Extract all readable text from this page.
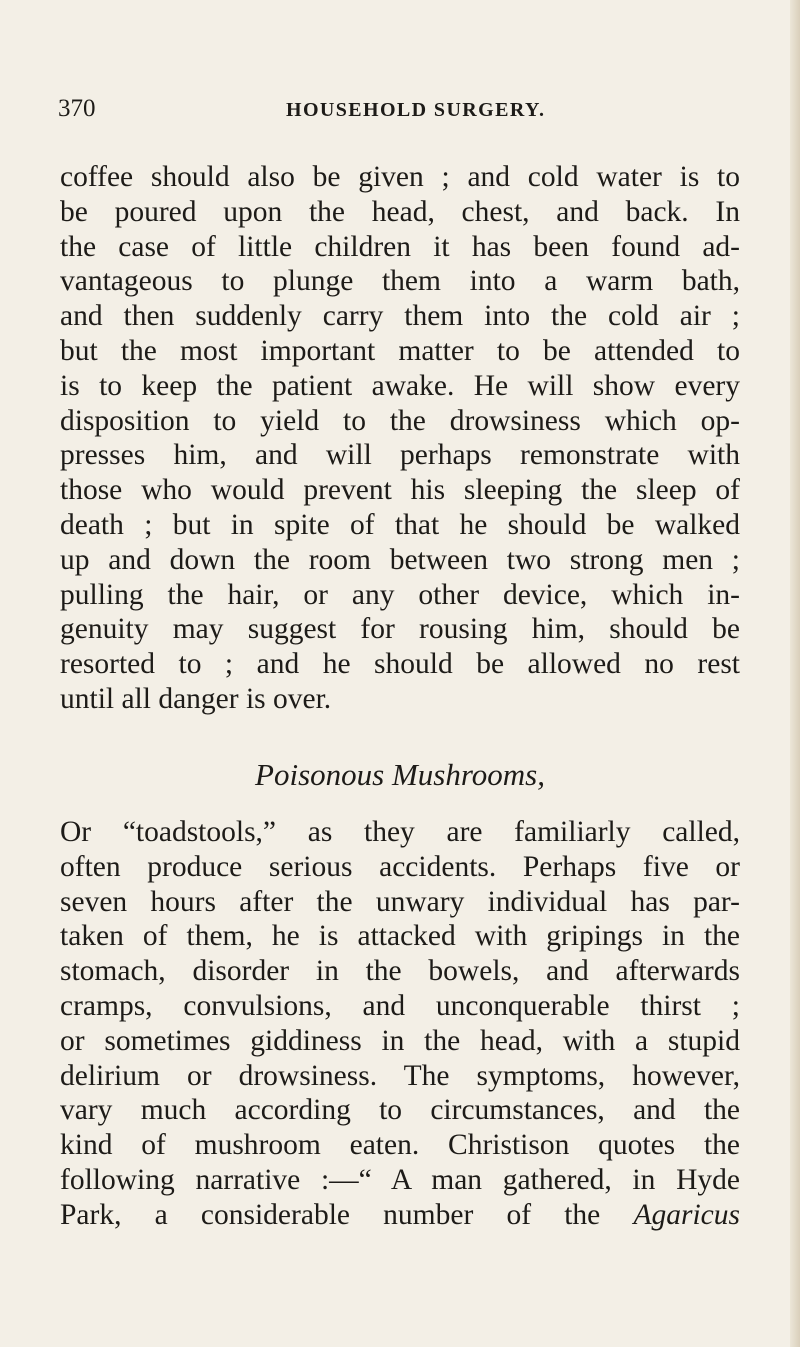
370	HOUSEHOLD SURGERY.
coffee should also be given ; and cold water is to
be poured upon the head, chest, and back. In
the case of little children it has been found ad-
vantageous to plunge them into a warm bath,
and then suddenly carry them into the cold air ;
but the most important matter to be attended to
is to keep the patient awake. He will show every
disposition to yield to the drowsiness which op-
presses him, and will perhaps remonstrate with
those who would prevent his sleeping the sleep of
death ; but in spite of that he should be walked
up and down the room between two strong men ;
pulling the hair, or any other device, which in-
genuity may suggest for rousing him, should be
resorted to ; and he should be allowed no rest
until all danger is over.
Poisonous Mushrooms,
Or “toadstools,” as they are familiarly called,
often produce serious accidents. Perhaps five or
seven hours after the unwary individual has par-
taken of them, he is attacked with gripings in the
stomach, disorder in the bowels, and afterwards
cramps, convulsions, and unconquerable thirst ;
or sometimes giddiness in the head, with a stupid
delirium or drowsiness. The symptoms, however,
vary much according to circumstances, and the
kind of mushroom eaten. Christison quotes the
following narrative :—“ A man gathered, in Hyde
Park, a considerable number of the Agaricus
